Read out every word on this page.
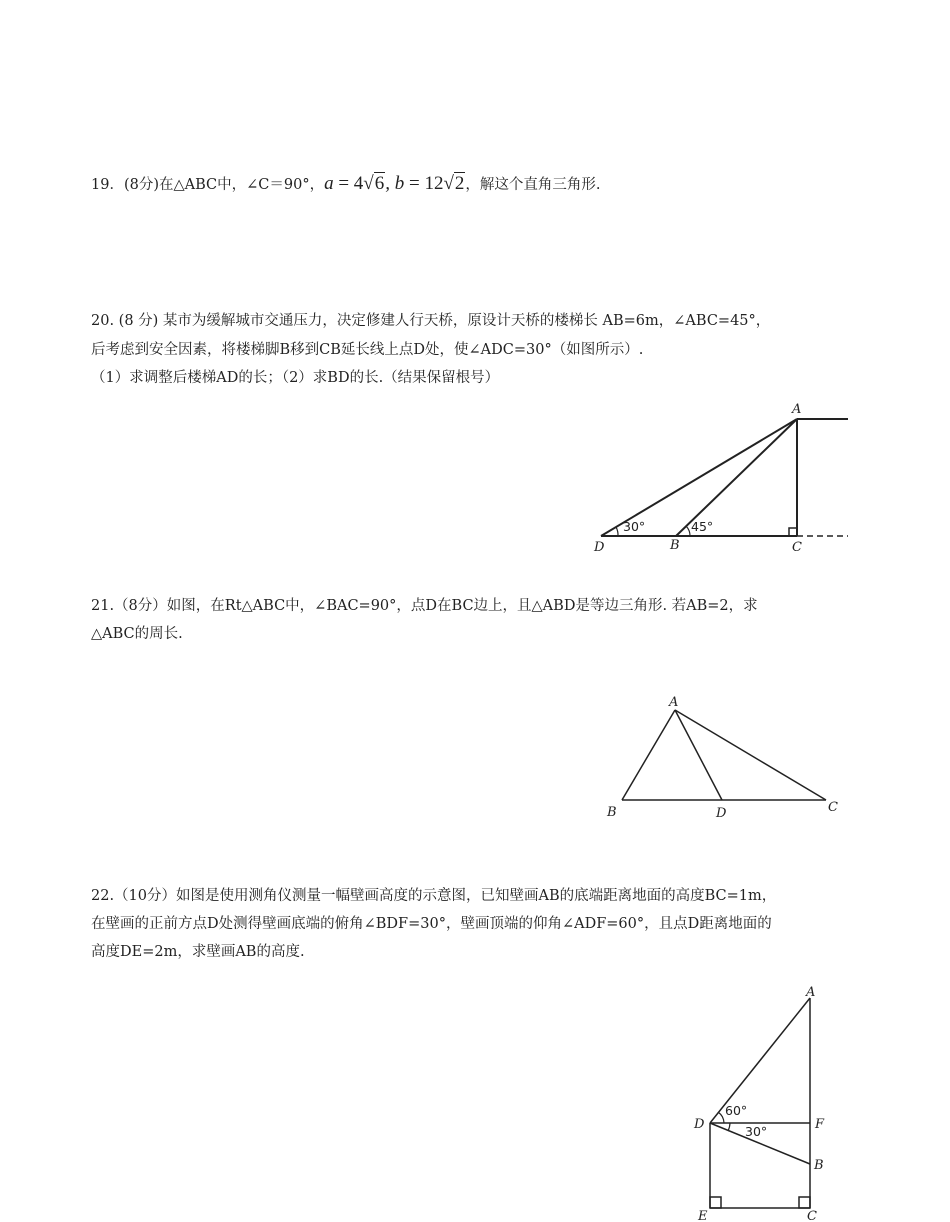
19．(8分)在△ABC中，∠C＝90°，a = 4√6, b = 12√2，解这个直角三角形.
20. (8 分) 某市为缓解城市交通压力，决定修建人行天桥，原设计天桥的楼梯长 AB=6m，∠ABC=45°，
后考虑到安全因素，将楼梯脚B移到CB延长线上点D处，使∠ADC=30°（如图所示）.
（1）求调整后楼梯AD的长；（2）求BD的长.（结果保留根号）
A
D	B	C
30°	45°
21.（8分）如图，在Rt△ABC中，∠BAC=90°，点D在BC边上，且△ABD是等边三角形. 若AB=2，求
△ABC的周长.
A
B	D	C
22.（10分）如图是使用测角仪测量一幅壁画高度的示意图，已知壁画AB的底端距离地面的高度BC=1m，
在壁画的正前方点D处测得壁画底端的俯角∠BDF=30°，壁画顶端的仰角∠ADF=60°，且点D距离地面的
高度DE=2m，求壁画AB的高度.
A
D	F
B
E	C
60°
30°
